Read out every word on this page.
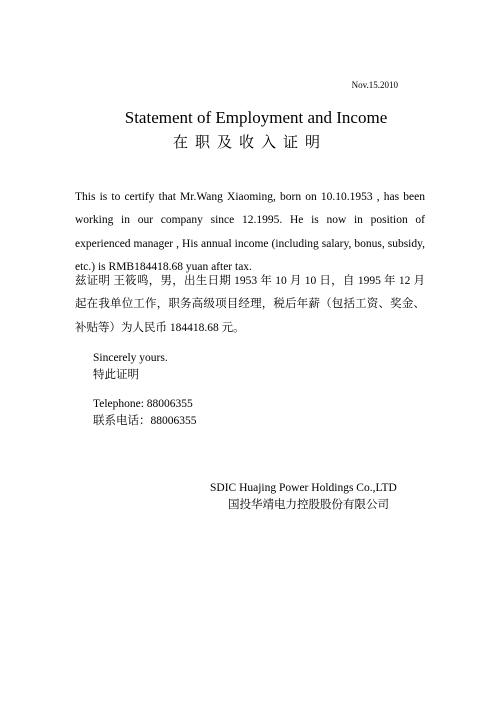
Nov.15.2010
Statement of Employment and Income
在职及收入证明
This is to certify that Mr.Wang Xiaoming, born on 10.10.1953 , has been working in our company since 12.1995. He is now in position of experienced manager , His annual income (including salary, bonus, subsidy, etc.) is RMB184418.68 yuan after tax.
兹证明 王筱鸣，男，出生日期 1953 年 10 月 10 日，自 1995 年 12 月起在我单位工作，职务高级项目经理，税后年薪（包括工资、奖金、补贴等）为人民币 184418.68 元。
Sincerely yours.
特此证明
Telephone: 88006355
联系电话：88006355
SDIC Huajing Power Holdings Co.,LTD
国投华靖电力控股股份有限公司
